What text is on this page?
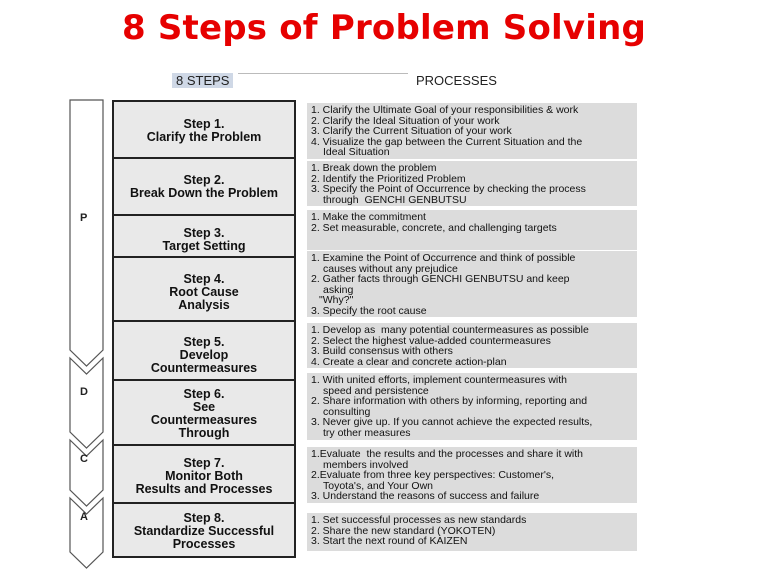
8 Steps of Problem Solving
8 STEPS	PROCESSES
P
D
C
A
Step 1.
Clarify the Problem
Step 2.
Break Down the Problem
Step 3.
Target Setting
Step 4.
Root Cause
Analysis
Step 5.
Develop
Countermeasures
Step 6.
See
Countermeasures
Through
Step 7.
Monitor Both
Results and Processes
Step 8.
Standardize Successful
Processes
1. Clarify the Ultimate Goal of your responsibilities & work
2. Clarify the Ideal Situation of your work
3. Clarify the Current Situation of your work
4. Visualize the gap between the Current Situation and the
Ideal Situation
1. Break down the problem
2. Identify the Prioritized Problem
3. Specify the Point of Occurrence by checking the process
through  GENCHI GENBUTSU
1. Make the commitment
2. Set measurable, concrete, and challenging targets
1. Examine the Point of Occurrence and think of possible
causes without any prejudice
2. Gather facts through GENCHI GENBUTSU and keep
asking
"Why?"
3. Specify the root cause
1. Develop as  many potential countermeasures as possible
2. Select the highest value-added countermeasures
3. Build consensus with others
4. Create a clear and concrete action-plan
1. With united efforts, implement countermeasures with
speed and persistence
2. Share information with others by informing, reporting and
consulting
3. Never give up. If you cannot achieve the expected results,
try other measures
1.Evaluate  the results and the processes and share it with
members involved
2.Evaluate from three key perspectives: Customer's,
Toyota's, and Your Own
3. Understand the reasons of success and failure
1. Set successful processes as new standards
2. Share the new standard (YOKOTEN)
3. Start the next round of KAIZEN
